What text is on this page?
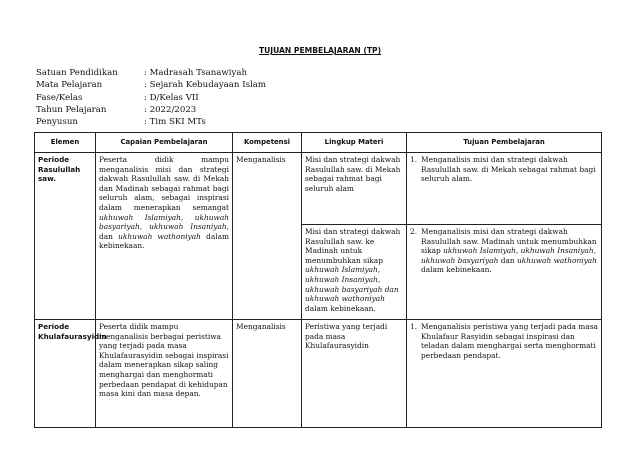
TUJUAN PEMBELAJARAN (TP)
Satuan Pendidikan	: Madrasah Tsanawiyah
Mata Pelajaran	: Sejarah Kebudayaan Islam
Fase/Kelas	: D/Kelas VII
Tahun Pelajaran	: 2022/2023
Penyusun	: Tim SKI MTs
Elemen	Capaian Pembelajaran	Kompetensi	Lingkup Materi	Tujuan Pembelajaran
Periode Rasulullah saw.	Peserta didik mampu menganalisis misi dan strategi dakwah Rasulullah saw. di Mekah dan Madinah sebagai rahmat bagi seluruh alam, sebagai inspirasi dalam menerapkan semangat ukhuwah Islamiyah, ukhuwah basyariyah, ukhuwah Insaniyah, dan ukhuwah wathoniyah dalam kebinekaan.	Menganalisis	Misi dan strategi dakwah Rasulullah saw. di Mekah sebagai rahmat bagi seluruh alam	1. Menganalisis misi dan strategi dakwah Rasulullah saw. di Mekah sebagai rahmat bagi seluruh alam.

			Misi dan strategi dakwah Rasulullah saw. ke Madinah untuk menumbuhkan sikap ukhuwah Islamiyah, ukhuwah Insaniyah, ukhuwah basyariyah dan ukhuwah wathoniyah dalam kebinekaan.	2. Menganalisis misi dan strategi dakwah Rasulullah saw. Madinah untuk menumbuhkan sikap ukhuwah Islamiyah, ukhuwah Insaniyah, ukhuwah basyariyah dan ukhuwah wathoniyah dalam kebinekaan.

Periode Khulafaurasyidin	Peserta didik mampu menganalisis berbagai peristiwa yang terjadi pada masa Khulafaurasyidin sebagai inspirasi dalam menerapkan sikap saling menghargai dan menghormati perbedaan pendapat di kehidupan masa kini dan masa depan.	Menganalisis	Peristiwa yang terjadi pada masa Khulafaurasyidin	1. Menganalisis peristiwa yang terjadi pada masa Khulafaur Rasyidin sebagai inspirasi dan teladan dalam menghargai serta menghormati perbedaan pendapat.
